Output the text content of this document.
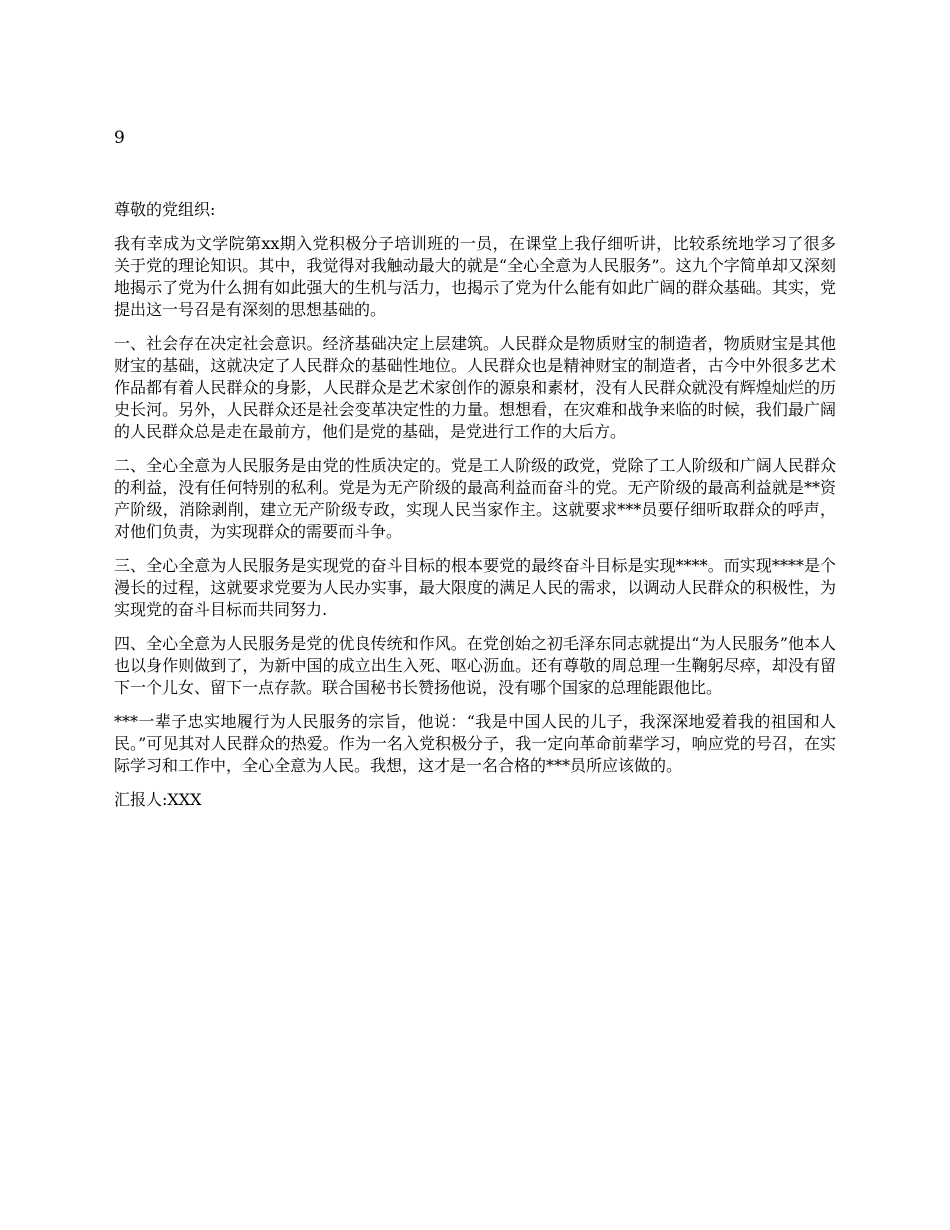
9
尊敬的党组织:

我有幸成为文学院第xx期入党积极分子培训班的一员，在课堂上我仔细听讲，比较系统地学习了很多关于党的理论知识。其中，我觉得对我触动最大的就是“全心全意为人民服务”。这九个字简单却又深刻地揭示了党为什么拥有如此强大的生机与活力，也揭示了党为什么能有如此广阔的群众基础。其实，党提出这一号召是有深刻的思想基础的。

一、社会存在决定社会意识。经济基础决定上层建筑。人民群众是物质财宝的制造者，物质财宝是其他财宝的基础，这就决定了人民群众的基础性地位。人民群众也是精神财宝的制造者，古今中外很多艺术作品都有着人民群众的身影，人民群众是艺术家创作的源泉和素材，没有人民群众就没有辉煌灿烂的历史长河。另外，人民群众还是社会变革决定性的力量。想想看，在灾难和战争来临的时候，我们最广阔的人民群众总是走在最前方，他们是党的基础，是党进行工作的大后方。

二、全心全意为人民服务是由党的性质决定的。党是工人阶级的政党，党除了工人阶级和广阔人民群众的利益，没有任何特别的私利。党是为无产阶级的最高利益而奋斗的党。无产阶级的最高利益就是**资产阶级，消除剥削，建立无产阶级专政，实现人民当家作主。这就要求***员要仔细听取群众的呼声，对他们负责，为实现群众的需要而斗争。

三、全心全意为人民服务是实现党的奋斗目标的根本要党的最终奋斗目标是实现****。而实现****是个漫长的过程，这就要求党要为人民办实事，最大限度的满足人民的需求，以调动人民群众的积极性，为实现党的奋斗目标而共同努力.

四、全心全意为人民服务是党的优良传统和作风。在党创始之初毛泽东同志就提出“为人民服务”他本人也以身作则做到了，为新中国的成立出生入死、呕心沥血。还有尊敬的周总理一生鞠躬尽瘁，却没有留下一个儿女、留下一点存款。联合国秘书长赞扬他说，没有哪个国家的总理能跟他比。

***一辈子忠实地履行为人民服务的宗旨，他说：“我是中国人民的儿子，我深深地爱着我的祖国和人民。”可见其对人民群众的热爱。作为一名入党积极分子，我一定向革命前辈学习，响应党的号召，在实际学习和工作中，全心全意为人民。我想，这才是一名合格的***员所应该做的。

汇报人:XXX
